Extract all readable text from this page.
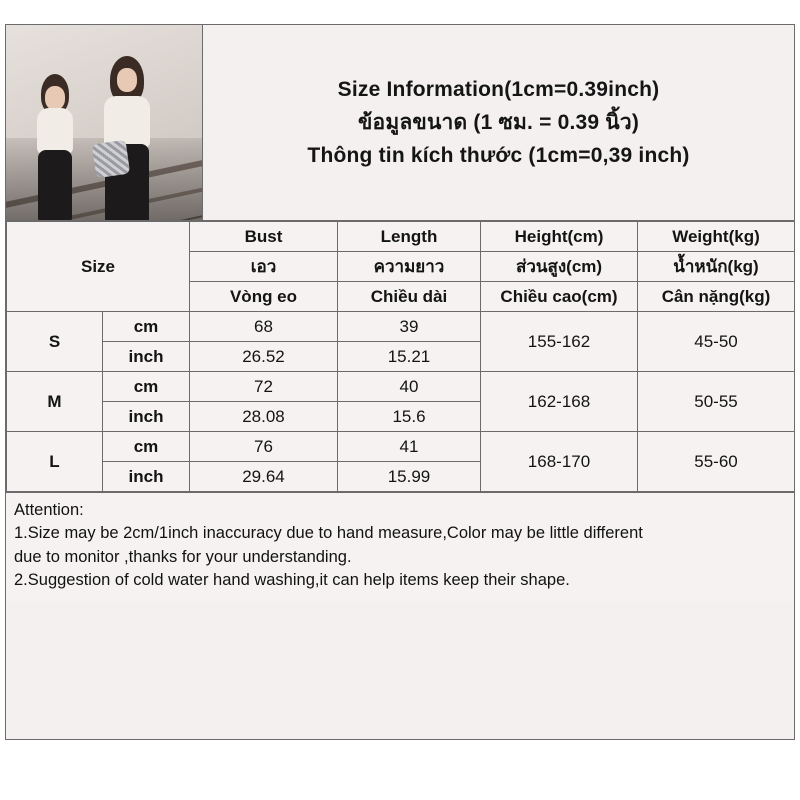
Size Information(1cm=0.39inch)
ข้อมูลขนาด (1 ซม. = 0.39 นิ้ว)
Thông tin kích thước (1cm=0,39 inch)
Size		Bust	Length	Height(cm)	Weight(kg)
		เอว	ความยาว	ส่วนสูง(cm)	น้ำหนัก(kg)
		Vòng eo	Chiều dài	Chiều cao(cm)	Cân nặng(kg)
S	cm	68	39	155-162	45-50
	inch	26.52	15.21		
M	cm	72	40	162-168	50-55
	inch	28.08	15.6		
L	cm	76	41	168-170	55-60
	inch	29.64	15.99		
Attention:
1.Size may be 2cm/1inch inaccuracy due to hand measure,Color may be little different
due to monitor ,thanks for your understanding.
2.Suggestion of cold water hand washing,it can help items keep their shape.
